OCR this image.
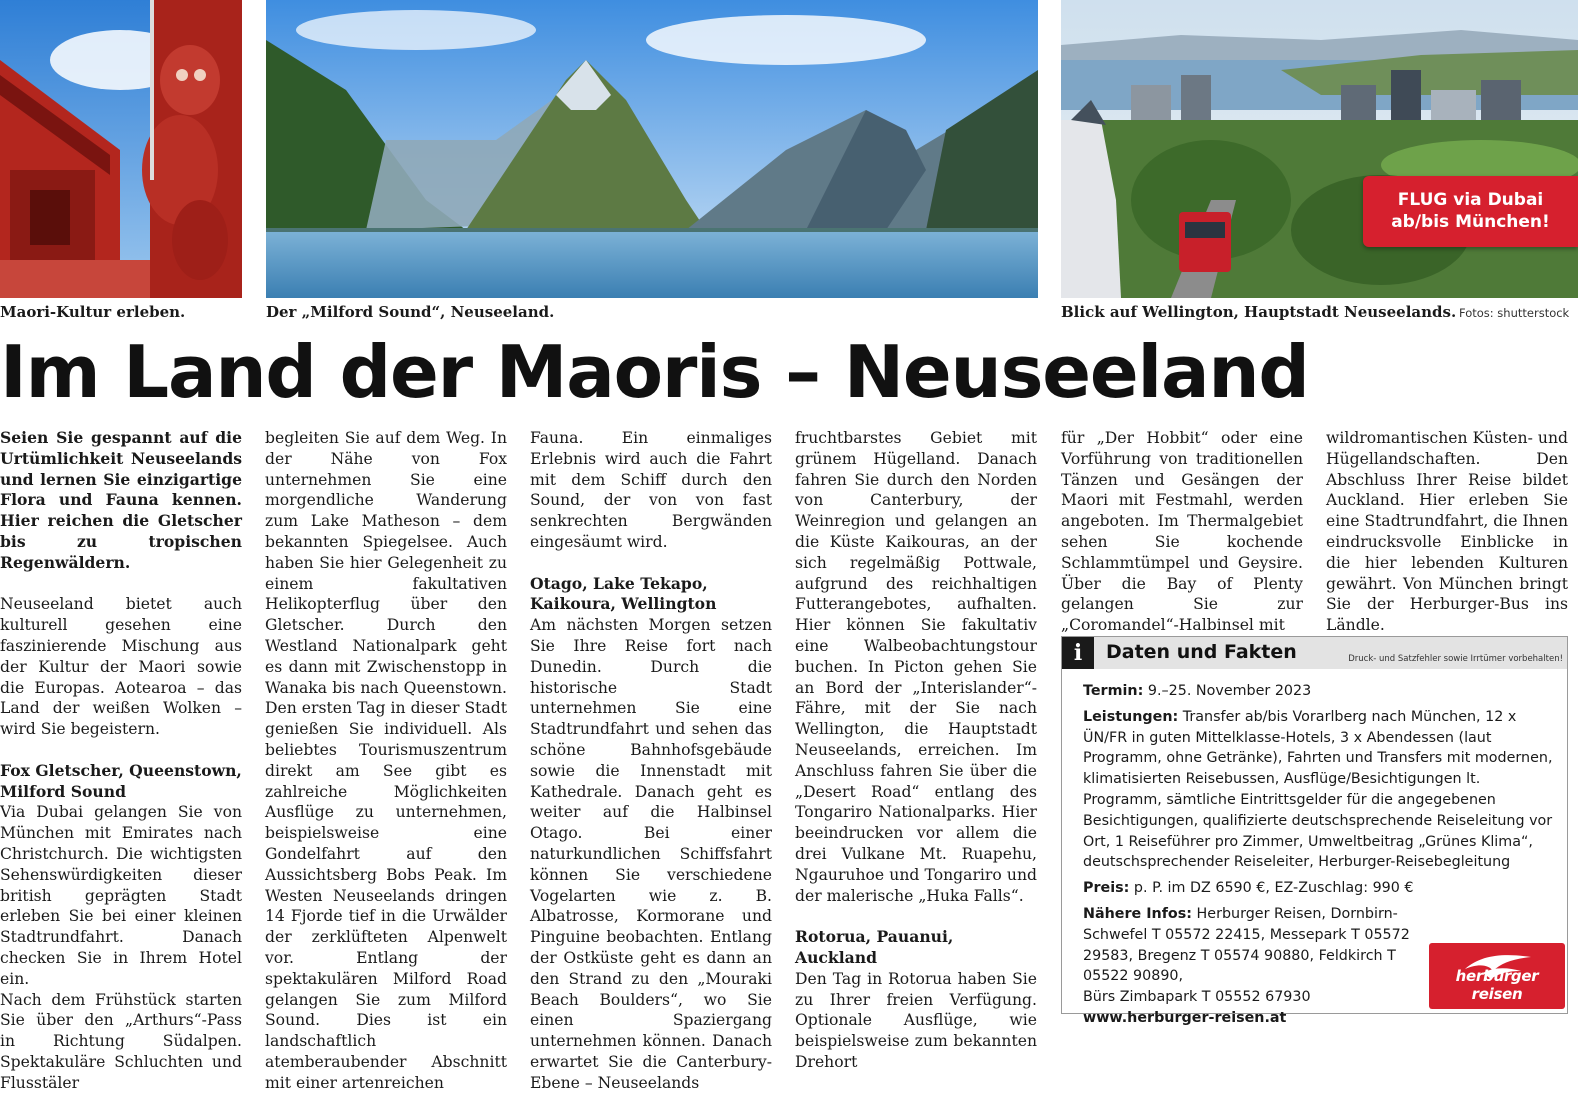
FLUG via Dubai
ab/bis München!
Maori-Kultur erleben.	Der „Milford Sound“, Neuseeland.	Blick auf Wellington, Hauptstadt Neuseelands. Fotos: shutterstock
Im Land der Maoris – Neuseeland

Seien Sie gespannt auf die Urtümlichkeit Neuseelands und lernen Sie einzigartige Flora und Fauna kennen. Hier reichen die Gletscher bis zu tropischen Regenwäldern.

Neuseeland bietet auch kulturell gesehen eine faszinierende Mischung aus der Kultur der Maori sowie die Europas. Aotearoa – das Land der weißen Wolken – wird Sie begeistern.

Fox Gletscher, Queenstown, Milford Sound

Via Dubai gelangen Sie von München mit Emirates nach Christchurch. Die wichtigsten Sehenswürdigkeiten dieser british geprägten Stadt erleben Sie bei einer kleinen Stadtrundfahrt. Danach checken Sie in Ihrem Hotel ein.

Nach dem Frühstück starten Sie über den „Arthurs“-Pass in Richtung Südalpen. Spektakuläre Schluchten und Flusstäler

begleiten Sie auf dem Weg. In der Nähe von Fox unternehmen Sie eine morgendliche Wanderung zum Lake Matheson – dem bekannten Spiegelsee. Auch haben Sie hier Gelegenheit zu einem fakultativen Helikopterflug über den Gletscher. Durch den Westland Nationalpark geht es dann mit Zwischenstopp in Wanaka bis nach Queenstown. Den ersten Tag in dieser Stadt genießen Sie individuell. Als beliebtes Tourismuszentrum direkt am See gibt es zahlreiche Möglichkeiten Ausflüge zu unternehmen, beispielsweise eine Gondelfahrt auf den Aussichtsberg Bobs Peak. Im Westen Neuseelands dringen 14 Fjorde tief in die Urwälder der zerklüfteten Alpenwelt vor. Entlang der spektakulären Milford Road gelangen Sie zum Milford Sound. Dies ist ein landschaftlich atemberaubender Abschnitt mit einer artenreichen

Fauna. Ein einmaliges Erlebnis wird auch die Fahrt mit dem Schiff durch den Sound, der von von fast senkrechten Bergwänden eingesäumt wird.

Otago, Lake Tekapo, Kaikoura, Wellington

Am nächsten Morgen setzen Sie Ihre Reise fort nach Dunedin. Durch die historische Stadt unternehmen Sie eine Stadtrundfahrt und sehen das schöne Bahnhofsgebäude sowie die Innenstadt mit Kathedrale. Danach geht es weiter auf die Halbinsel Otago. Bei einer naturkundlichen Schiffsfahrt können Sie verschiedene Vogelarten wie z. B. Albatrosse, Kormorane und Pinguine beobachten. Entlang der Ostküste geht es dann an den Strand zu den „Mouraki Beach Boulders“, wo Sie einen Spaziergang unternehmen können. Danach erwartet Sie die Canterbury-Ebene – Neuseelands

fruchtbarstes Gebiet mit grünem Hügelland. Danach fahren Sie durch den Norden von Canterbury, der Weinregion und gelangen an die Küste Kaikouras, an der sich regelmäßig Pottwale, aufgrund des reichhaltigen Futterangebotes, aufhalten. Hier können Sie fakultativ eine Walbeobachtungstour buchen. In Picton gehen Sie an Bord der „Interislander“-Fähre, mit der Sie nach Wellington, die Hauptstadt Neuseelands, erreichen. Im Anschluss fahren Sie über die „Desert Road“ entlang des Tongariro Nationalparks. Hier beeindrucken vor allem die drei Vulkane Mt. Ruapehu, Ngauruhoe und Tongariro und der malerische „Huka Falls“.

Rotorua, Pauanui, Auckland

Den Tag in Rotorua haben Sie zu Ihrer freien Verfügung. Optionale Ausflüge, wie beispielsweise zum bekannten Drehort

für „Der Hobbit“ oder eine Vorführung von traditionellen Tänzen und Gesängen der Maori mit Festmahl, werden angeboten. Im Thermalgebiet sehen Sie kochende Schlammtümpel und Geysire. Über die Bay of Plenty gelangen Sie zur „Coromandel“-Halbinsel mit

wildromantischen Küsten- und Hügellandschaften. Den Abschluss Ihrer Reise bildet Auckland. Hier erleben Sie eine Stadtrundfahrt, die Ihnen eindrucksvolle Einblicke in die hier lebenden Kulturen gewährt. Von München bringt Sie der Herburger-Bus ins Ländle.

i	Daten und Fakten	Druck- und Satzfehler sowie Irrtümer vorbehalten!
Termin: 9.–25. November 2023
Leistungen: Transfer ab/bis Vorarlberg nach München, 12 x ÜN/FR in guten Mittelklasse-Hotels, 3 x Abendessen (laut Programm, ohne Getränke), Fahrten und Transfers mit modernen, klimatisierten Reisebussen, Ausflüge/Besichtigungen lt. Programm, sämtliche Eintrittsgelder für die angegebenen Besichtigungen, qualifizierte deutschsprechende Reiseleitung vor Ort, 1 Reiseführer pro Zimmer, Umweltbeitrag „Grünes Klima“, deutschsprechender Reiseleiter, Herburger-Reisebegleitung
Preis: p. P. im DZ 6590 €, EZ-Zuschlag: 990 €
Nähere Infos: Herburger Reisen, Dornbirn-Schwefel T 05572 22415, Messepark T 05572 29583, Bregenz T 05574 90880, Feldkirch T 05522 90890,
Bürs Zimbapark T 05552 67930
www.herburger-reisen.at
herburger reisen
